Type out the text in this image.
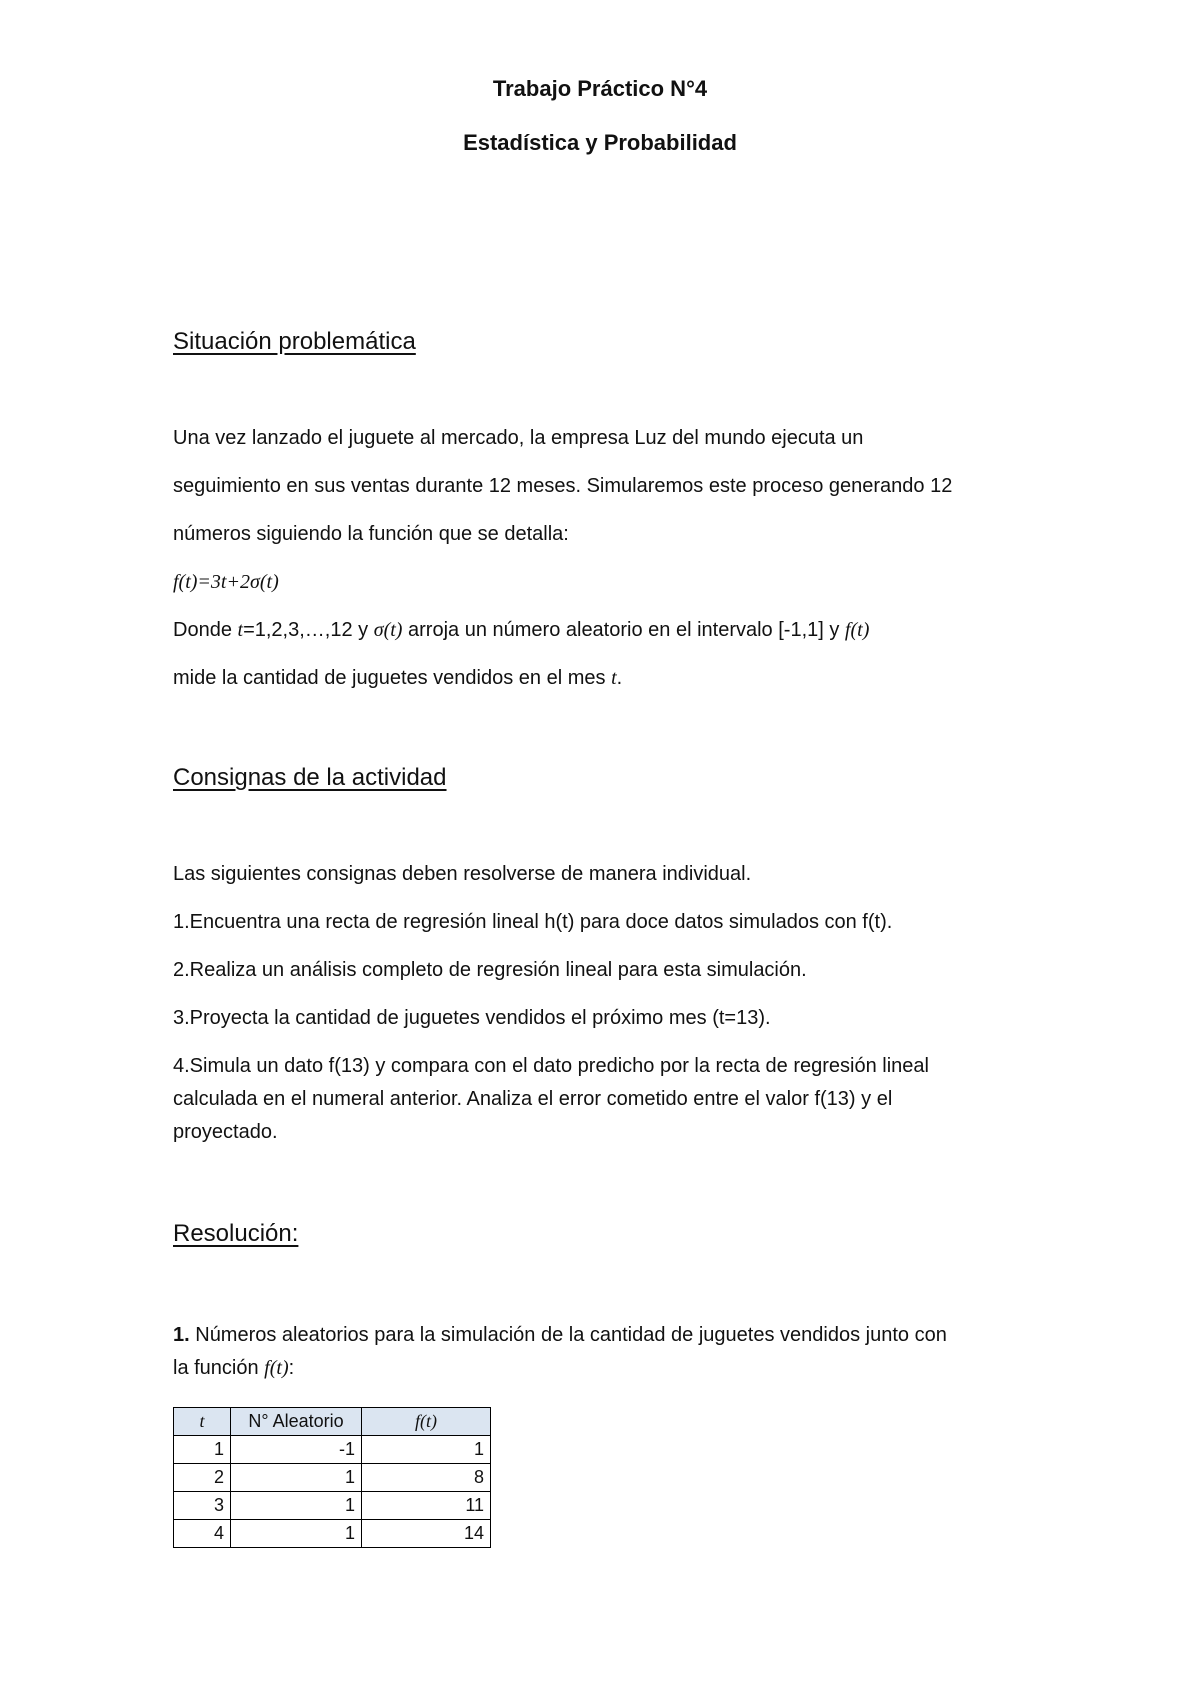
Trabajo Práctico N°4
Estadística y Probabilidad
Situación problemática
Una vez lanzado el juguete al mercado, la empresa Luz del mundo ejecuta un
seguimiento en sus ventas durante 12 meses. Simularemos este proceso generando 12
números siguiendo la función que se detalla:
f(t)=3t+2σ(t)
Donde t=1,2,3,…,12 y σ(t) arroja un número aleatorio en el intervalo [-1,1] y f(t)
mide la cantidad de juguetes vendidos en el mes t.
Consignas de la actividad
Las siguientes consignas deben resolverse de manera individual.
1.Encuentra una recta de regresión lineal h(t) para doce datos simulados con f(t).
2.Realiza un análisis completo de regresión lineal para esta simulación.
3.Proyecta la cantidad de juguetes vendidos el próximo mes (t=13).
4.Simula un dato f(13) y compara con el dato predicho por la recta de regresión lineal
calculada en el numeral anterior. Analiza el error cometido entre el valor f(13) y el
proyectado.
Resolución:
1. Números aleatorios para la simulación de la cantidad de juguetes vendidos junto con
la función f(t):
t	N° Aleatorio	f(t)
1	-1	1
2	1	8
3	1	11
4	1	14
